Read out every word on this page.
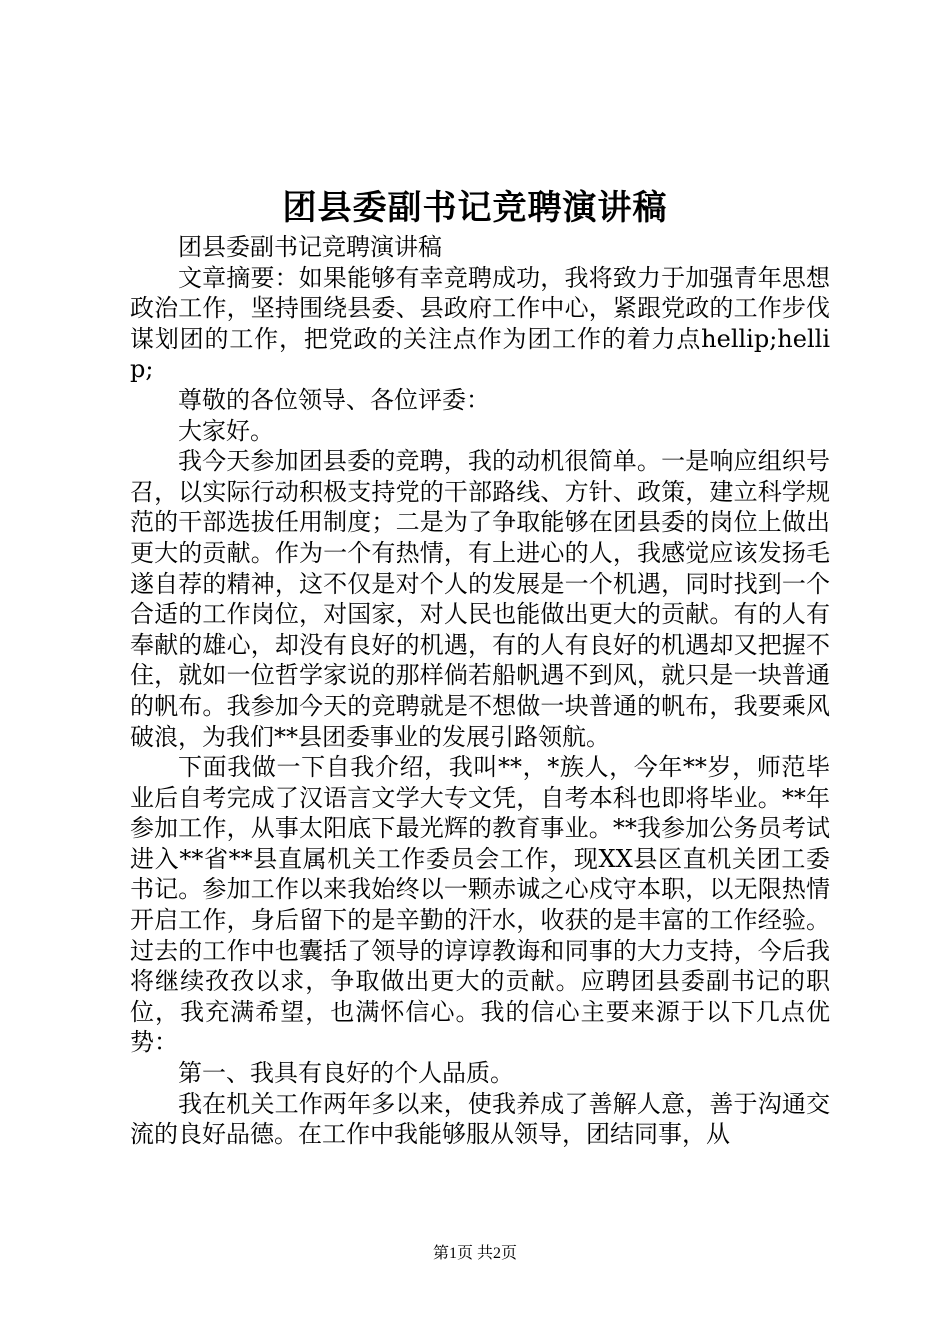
团县委副书记竞聘演讲稿

团县委副书记竞聘演讲稿

文章摘要：如果能够有幸竞聘成功，我将致力于加强青年思想政治工作，坚持围绕县委、县政府工作中心，紧跟党政的工作步伐谋划团的工作，把党政的关注点作为团工作的着力点hellip;hellip;

尊敬的各位领导、各位评委：

大家好。

我今天参加团县委的竞聘，我的动机很简单。一是响应组织号召，以实际行动积极支持党的干部路线、方针、政策，建立科学规范的干部选拔任用制度；二是为了争取能够在团县委的岗位上做出更大的贡献。作为一个有热情，有上进心的人，我感觉应该发扬毛遂自荐的精神，这不仅是对个人的发展是一个机遇，同时找到一个合适的工作岗位，对国家，对人民也能做出更大的贡献。有的人有奉献的雄心，却没有良好的机遇，有的人有良好的机遇却又把握不住，就如一位哲学家说的那样倘若船帆遇不到风，就只是一块普通的帆布。我参加今天的竞聘就是不想做一块普通的帆布，我要乘风破浪，为我们**县团委事业的发展引路领航。

下面我做一下自我介绍，我叫**，*族人，今年**岁，师范毕业后自考完成了汉语言文学大专文凭，自考本科也即将毕业。**年参加工作，从事太阳底下最光辉的教育事业。**我参加公务员考试进入**省**县直属机关工作委员会工作，现XX县区直机关团工委书记。参加工作以来我始终以一颗赤诚之心戍守本职，以无限热情开启工作，身后留下的是辛勤的汗水，收获的是丰富的工作经验。过去的工作中也囊括了领导的谆谆教诲和同事的大力支持，今后我将继续孜孜以求，争取做出更大的贡献。应聘团县委副书记的职位，我充满希望，也满怀信心。我的信心主要来源于以下几点优势：

第一、我具有良好的个人品质。

我在机关工作两年多以来，使我养成了善解人意，善于沟通交流的良好品德。在工作中我能够服从领导，团结同事，从

第1页 共2页
